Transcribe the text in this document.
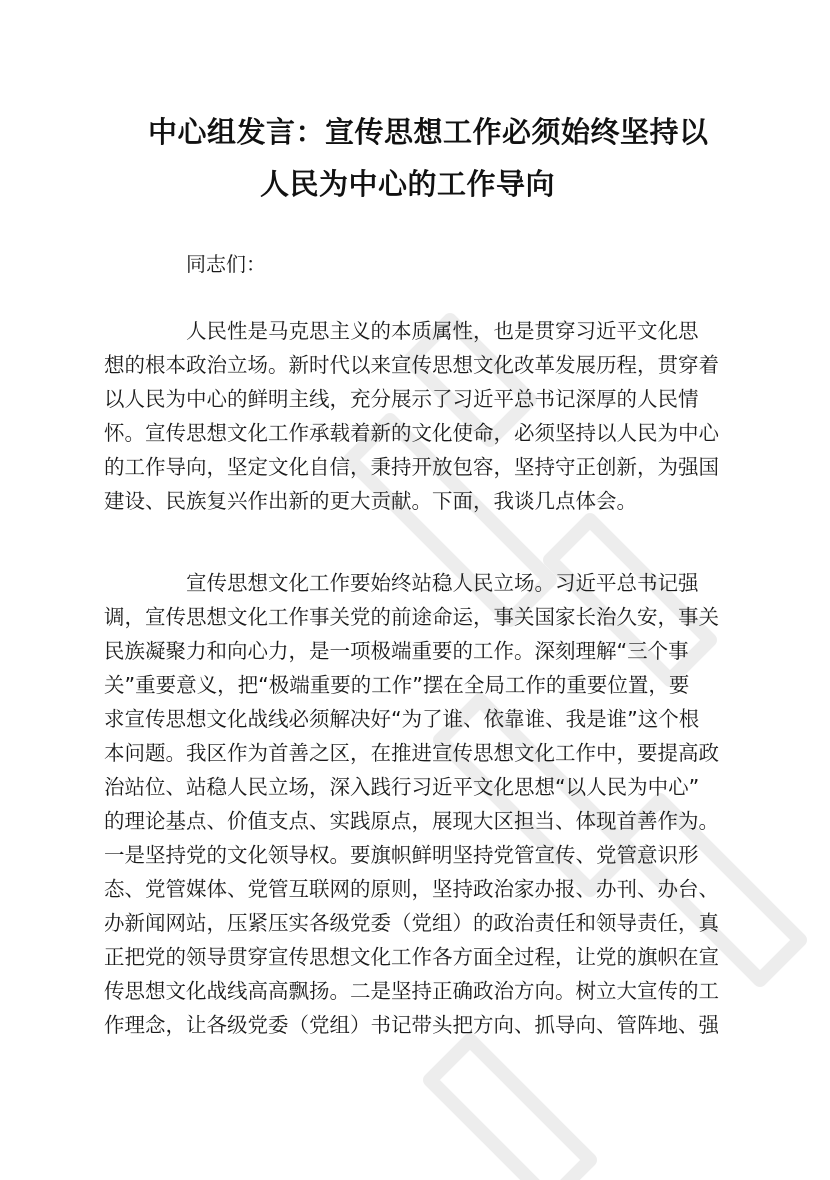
中心组发言：宣传思想工作必须始终坚持以
人民为中心的工作导向
同志们：
人民性是马克思主义的本质属性，也是贯穿习近平文化思
想的根本政治立场。新时代以来宣传思想文化改革发展历程，贯穿着
以人民为中心的鲜明主线，充分展示了习近平总书记深厚的人民情
怀。宣传思想文化工作承载着新的文化使命，必须坚持以人民为中心
的工作导向，坚定文化自信，秉持开放包容，坚持守正创新，为强国
建设、民族复兴作出新的更大贡献。下面，我谈几点体会。
宣传思想文化工作要始终站稳人民立场。习近平总书记强
调，宣传思想文化工作事关党的前途命运，事关国家长治久安，事关
民族凝聚力和向心力，是一项极端重要的工作。深刻理解“三个事
关”重要意义，把“极端重要的工作”摆在全局工作的重要位置，要
求宣传思想文化战线必须解决好“为了谁、依靠谁、我是谁”这个根
本问题。我区作为首善之区，在推进宣传思想文化工作中，要提高政
治站位、站稳人民立场，深入践行习近平文化思想“以人民为中心”
的理论基点、价值支点、实践原点，展现大区担当、体现首善作为。
一是坚持党的文化领导权。要旗帜鲜明坚持党管宣传、党管意识形
态、党管媒体、党管互联网的原则，坚持政治家办报、办刊、办台、
办新闻网站，压紧压实各级党委（党组）的政治责任和领导责任，真
正把党的领导贯穿宣传思想文化工作各方面全过程，让党的旗帜在宣
传思想文化战线高高飘扬。二是坚持正确政治方向。树立大宣传的工
作理念，让各级党委（党组）书记带头把方向、抓导向、管阵地、强
